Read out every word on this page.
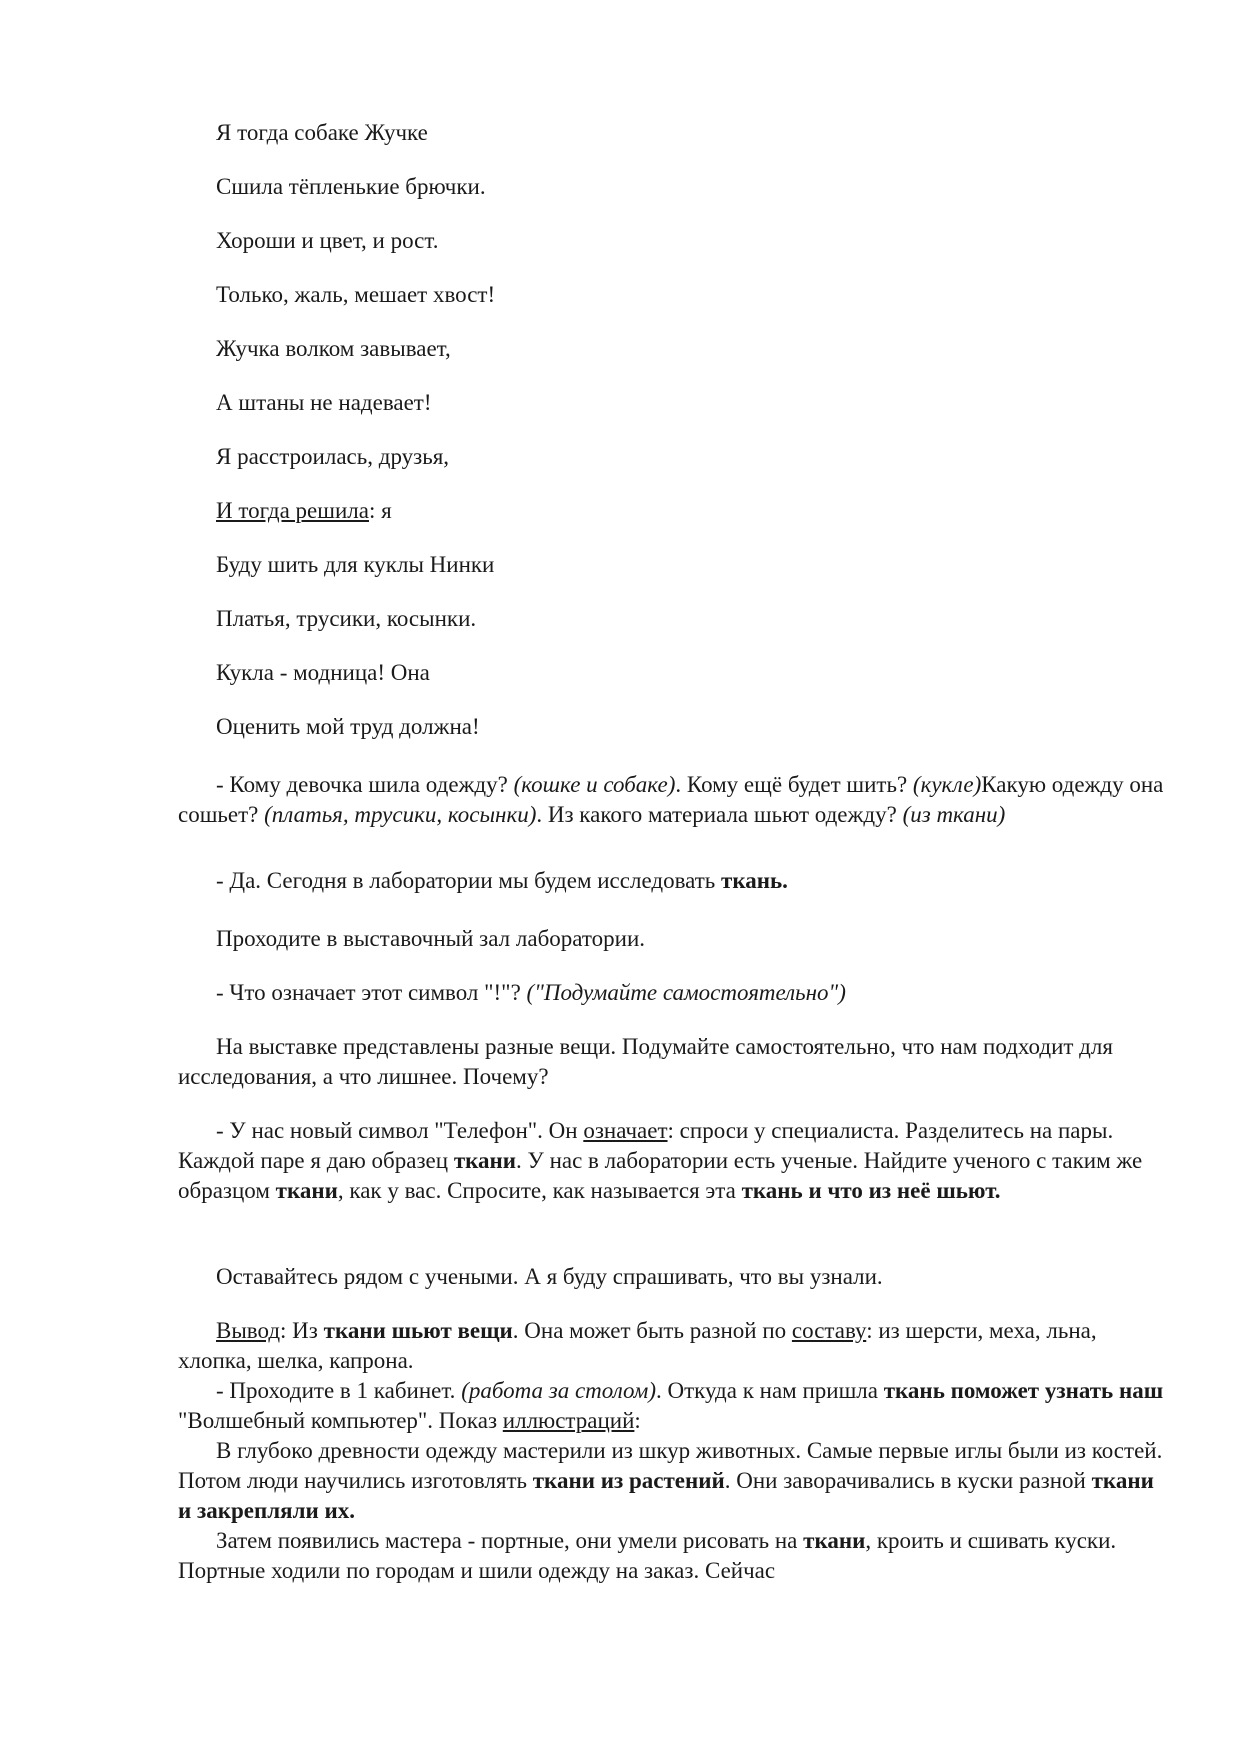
Я тогда собаке Жучке

Сшила тёпленькие брючки.

Хороши и цвет, и рост.

Только, жаль, мешает хвост!

Жучка волком завывает,

А штаны не надевает!

Я расстроилась, друзья,

И тогда решила: я

Буду шить для куклы Нинки

Платья, трусики, косынки.

Кукла - модница! Она

Оценить мой труд должна!

- Кому девочка шила одежду? (кошке и собаке). Кому ещё будет шить? (кукле)Какую одежду она сошьет? (платья, трусики, косынки). Из какого материала шьют одежду? (из ткани)

- Да. Сегодня в лаборатории мы будем исследовать ткань.

Проходите в выставочный зал лаборатории.

- Что означает этот символ "!"? ("Подумайте самостоятельно")

На выставке представлены разные вещи. Подумайте самостоятельно, что нам подходит для исследования, а что лишнее. Почему?

- У нас новый символ "Телефон". Он означает: спроси у специалиста. Разделитесь на пары. Каждой паре я даю образец ткани. У нас в лаборатории есть ученые. Найдите ученого с таким же образцом ткани, как у вас. Спросите, как называется эта ткань и что из неё шьют.

Оставайтесь рядом с учеными. А я буду спрашивать, что вы узнали.

Вывод: Из ткани шьют вещи. Она может быть разной по составу: из шерсти, меха, льна, хлопка, шелка, капрона.

- Проходите в 1 кабинет. (работа за столом). Откуда к нам пришла ткань поможет узнать наш "Волшебный компьютер". Показ иллюстраций:

В глубоко древности одежду мастерили из шкур животных. Самые первые иглы были из костей. Потом люди научились изготовлять ткани из растений. Они заворачивались в куски разной ткани и закрепляли их.

Затем появились мастера - портные, они умели рисовать на ткани, кроить и сшивать куски. Портные ходили по городам и шили одежду на заказ. Сейчас
